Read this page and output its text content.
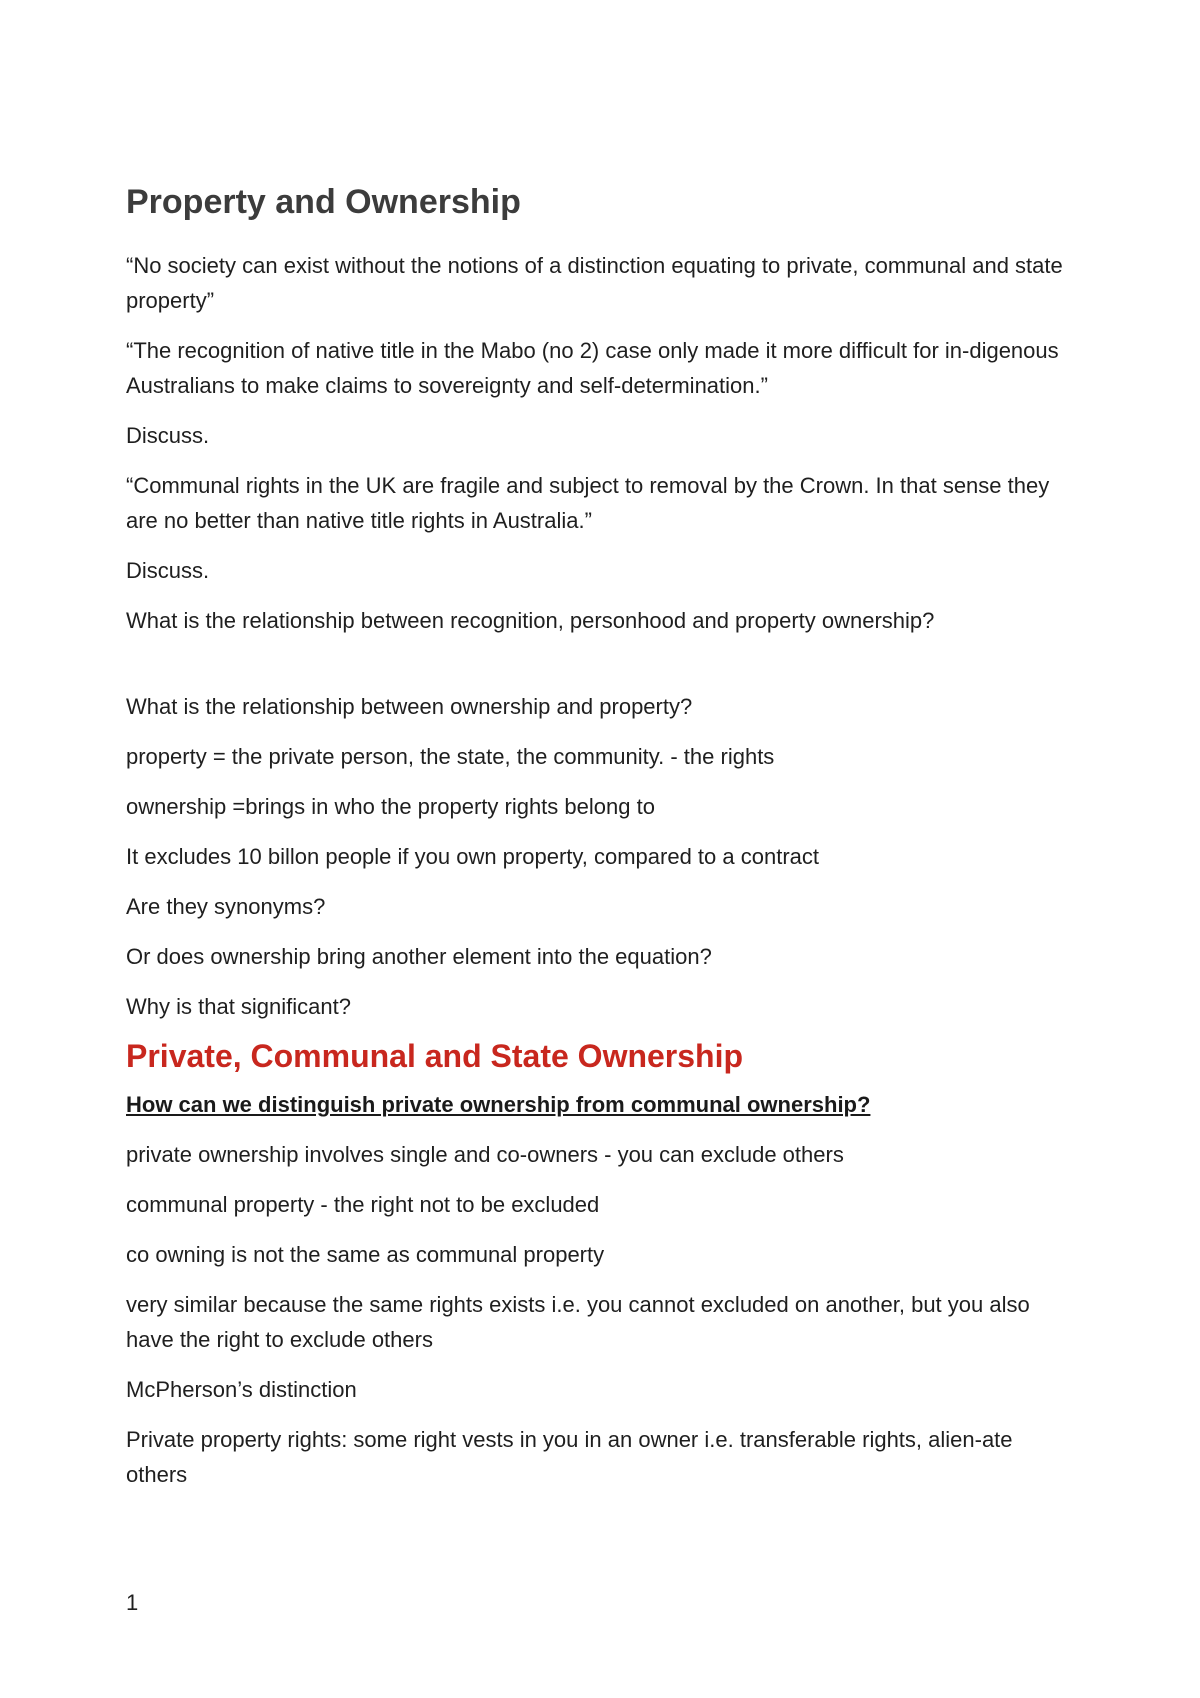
Property and Ownership

“No society can exist without the notions of a distinction equating to private, communal and state property”

“The recognition of native title in the Mabo (no 2) case only made it more difficult for in-digenous Australians to make claims to sovereignty and self-determination.”

Discuss.

“Communal rights in the UK are fragile and subject to removal by the Crown. In that sense they are no better than native title rights in Australia.”

Discuss.

What is the relationship between recognition, personhood and property ownership?

What is the relationship between ownership and property?

property = the private person, the state, the community. - the rights

ownership =brings in who the property rights belong to

It excludes 10 billon people if you own property, compared to a contract

Are they synonyms?

Or does ownership bring another element into the equation?

Why is that significant?

Private, Communal and State Ownership

How can we distinguish private ownership from communal ownership?

private ownership involves single and co-owners - you can exclude others

communal property - the right not to be excluded

co owning is not the same as communal property

very similar because the same rights exists i.e. you cannot excluded on another, but you also have the right to exclude others

McPherson’s distinction

Private property rights: some right vests in you in an owner i.e. transferable rights, alien-ate others

1
